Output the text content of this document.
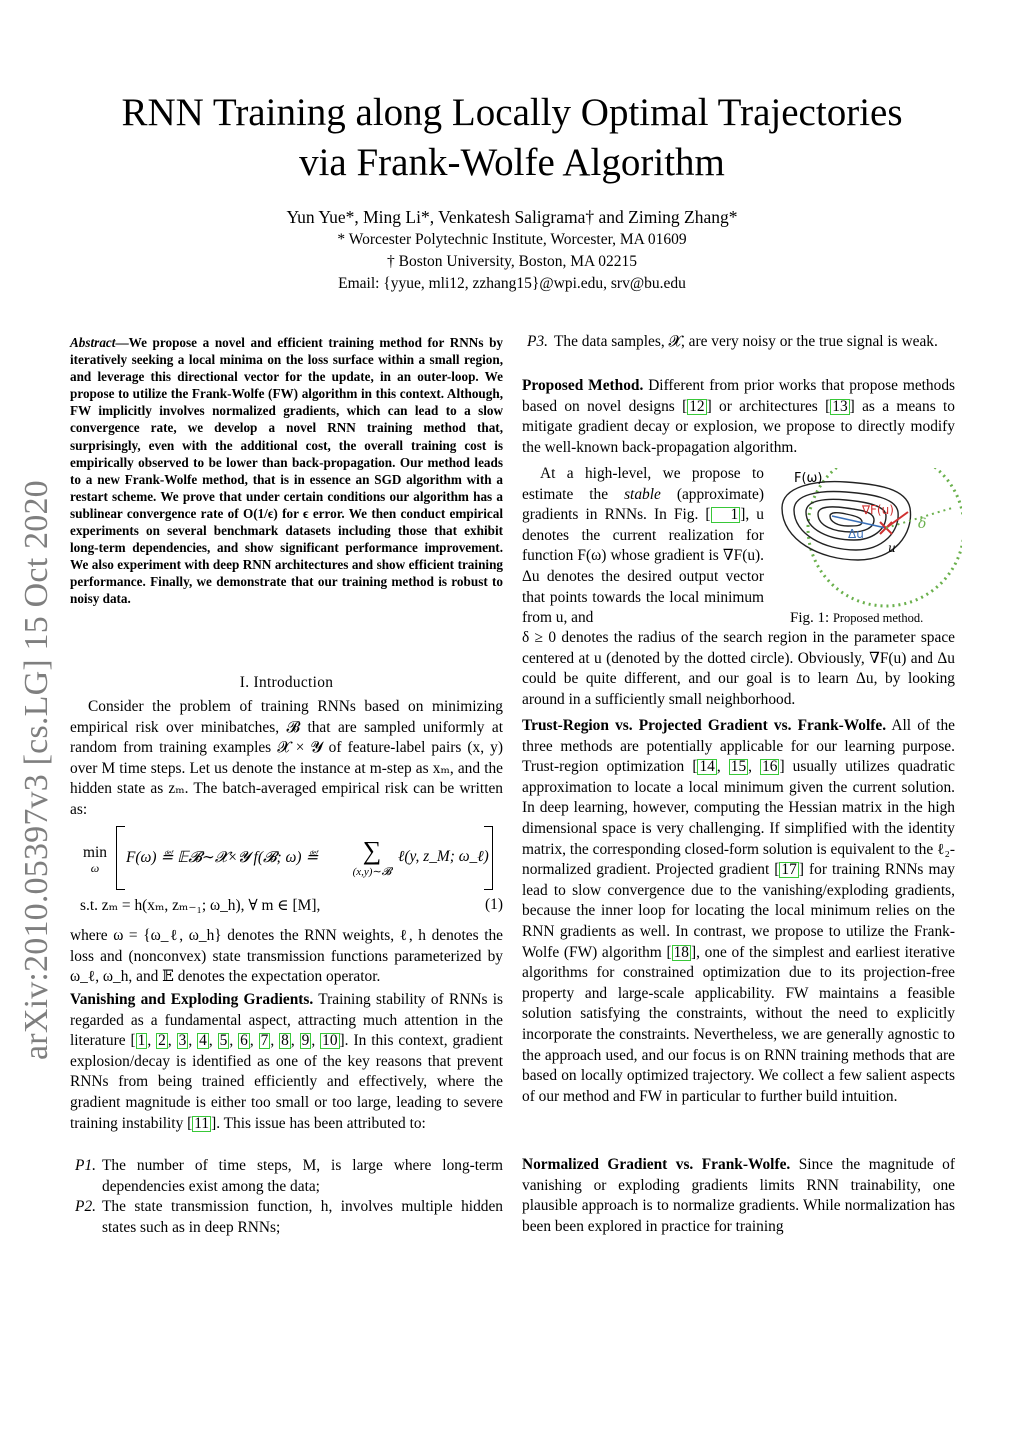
RNN Training along Locally Optimal Trajectories
via Frank-Wolfe Algorithm
Yun Yue*, Ming Li*, Venkatesh Saligrama† and Ziming Zhang*
* Worcester Polytechnic Institute, Worcester, MA 01609
† Boston University, Boston, MA 02215
Email: {yyue, mli12, zzhang15}@wpi.edu, srv@bu.edu
arXiv:2010.05397v3 [cs.LG] 15 Oct 2020
Abstract—We propose a novel and efficient training method for RNNs by iteratively seeking a local minima on the loss surface within a small region, and leverage this directional vector for the update, in an outer-loop. We propose to utilize the Frank-Wolfe (FW) algorithm in this context. Although, FW implicitly involves normalized gradients, which can lead to a slow convergence rate, we develop a novel RNN training method that, surprisingly, even with the additional cost, the overall training cost is empirically observed to be lower than back-propagation. Our method leads to a new Frank-Wolfe method, that is in essence an SGD algorithm with a restart scheme. We prove that under certain conditions our algorithm has a sublinear convergence rate of O(1/ϵ) for ϵ error. We then conduct empirical experiments on several benchmark datasets including those that exhibit long-term dependencies, and show significant performance improvement. We also experiment with deep RNN architectures and show efficient training performance. Finally, we demonstrate that our training method is robust to noisy data.
I. Introduction
Consider the problem of training RNNs based on minimizing empirical risk over minibatches, 𝓑 that are sampled uniformly at random from training examples 𝓧 × 𝓨 of feature-label pairs (x, y) over M time steps. Let us denote the instance at m-step as xₘ, and the hidden state as zₘ. The batch-averaged empirical risk can be written as:
min
ω
F(ω) ≝ 𝔼𝓑∼𝓧×𝓨 f(𝓑; ω) ≝	∑
(x,y)∼𝓑
ℓ(y, z_M; ω_ℓ)
s.t. zₘ = h(xₘ, zₘ₋₁; ω_h), ∀ m ∈ [M],	(1)
where ω = {ω_ℓ, ω_h} denotes the RNN weights, ℓ, h denotes the loss and (nonconvex) state transmission functions parameterized by ω_ℓ, ω_h, and 𝔼 denotes the expectation operator.
Vanishing and Exploding Gradients. Training stability of RNNs is regarded as a fundamental aspect, attracting much attention in the literature [ 1 , 2 , 3 , 4 , 5 , 6 , 7 , 8 , 9 , 10 ]. In this context, gradient explosion/decay is identified as one of the key reasons that prevent RNNs from being trained efficiently and effectively, where the gradient magnitude is either too small or too large, leading to severe training instability [ 11 ]. This issue has been attributed to:
P1. The number of time steps, M, is large where long-term dependencies exist among the data;
P2. The state transmission function, h, involves multiple hidden states such as in deep RNNs;
P3. The data samples, 𝓧, are very noisy or the true signal is weak.
Proposed Method. Different from prior works that propose methods based on novel designs [ 12 ] or architectures [ 13 ] as a means to mitigate gradient decay or explosion, we propose to directly modify the well-known back-propagation algorithm.
At a high-level, we propose to estimate the stable (approximate) gradients in RNNs. In Fig. [ 1 ], u denotes the current realization for function F(ω) whose gradient is ∇F(u). Δu denotes the desired output vector that points towards the local minimum from u, and
F(ω)
∇F(u)
Δu
u
δ
Fig. 1: Proposed method.
δ ≥ 0 denotes the radius of the search region in the parameter space centered at u (denoted by the dotted circle). Obviously, ∇F(u) and Δu could be quite different, and our goal is to learn Δu, by looking around in a sufficiently small neighborhood.
Trust-Region vs. Projected Gradient vs. Frank-Wolfe. All of the three methods are potentially applicable for our learning purpose. Trust-region optimization [ 14 , 15 , 16 ] usually utilizes quadratic approximation to locate a local minimum given the current solution. In deep learning, however, computing the Hessian matrix in the high dimensional space is very challenging. If simplified with the identity matrix, the corresponding closed-form solution is equivalent to the ℓ₂-normalized gradient. Projected gradient [ 17 ] for training RNNs may lead to slow convergence due to the vanishing/exploding gradients, because the inner loop for locating the local minimum relies on the RNN gradients as well. In contrast, we propose to utilize the Frank-Wolfe (FW) algorithm [ 18 ], one of the simplest and earliest iterative algorithms for constrained optimization due to its projection-free property and large-scale applicability. FW maintains a feasible solution satisfying the constraints, without the need to explicitly incorporate the constraints. Nevertheless, we are generally agnostic to the approach used, and our focus is on RNN training methods that are based on locally optimized trajectory. We collect a few salient aspects of our method and FW in particular to further build intuition.
Normalized Gradient vs. Frank-Wolfe. Since the magnitude of vanishing or exploding gradients limits RNN trainability, one plausible approach is to normalize gradients. While normalization has been been explored in practice for training
